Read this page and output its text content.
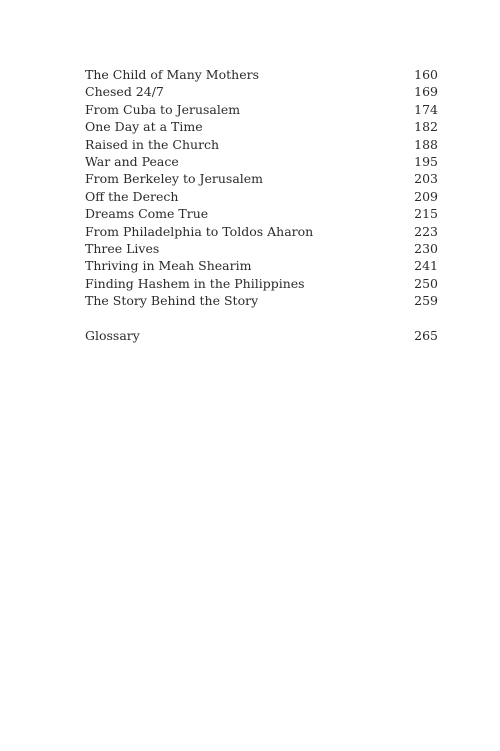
The Child of Many Mothers	160
Chesed 24/7	169
From Cuba to Jerusalem	174
One Day at a Time	182
Raised in the Church	188
War and Peace	195
From Berkeley to Jerusalem	203
Off the Derech	209
Dreams Come True	215
From Philadelphia to Toldos Aharon	223
Three Lives	230
Thriving in Meah Shearim	241
Finding Hashem in the Philippines	250
The Story Behind the Story	259
Glossary	265
